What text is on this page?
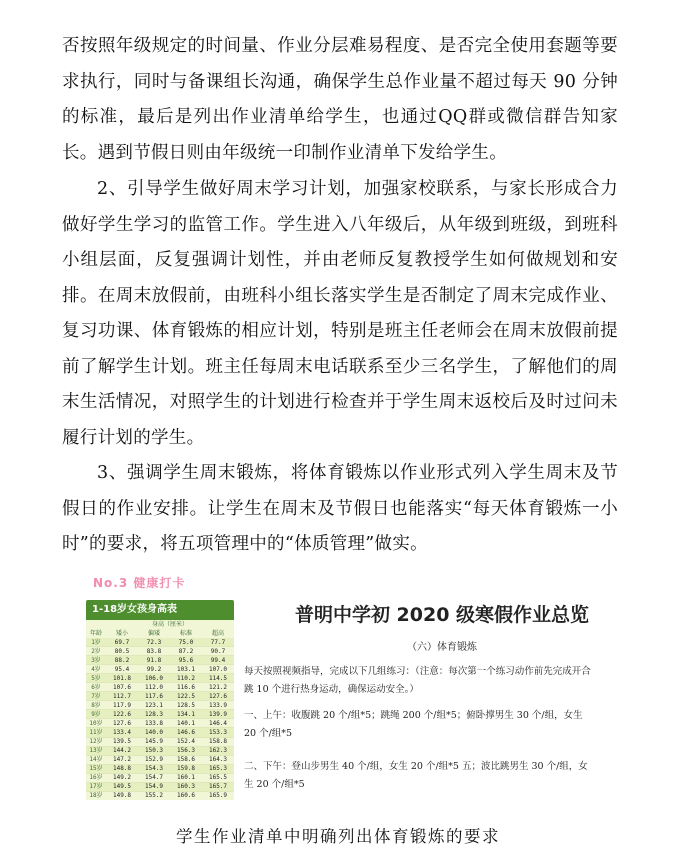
否按照年级规定的时间量、作业分层难易程度、是否完全使用套题等要求执行，同时与备课组长沟通，确保学生总作业量不超过每天 90 分钟的标准，最后是列出作业清单给学生，也通过QQ群或微信群告知家长。遇到节假日则由年级统一印制作业清单下发给学生。

2、引导学生做好周末学习计划，加强家校联系，与家长形成合力做好学生学习的监管工作。学生进入八年级后，从年级到班级，到班科小组层面，反复强调计划性，并由老师反复教授学生如何做规划和安排。在周末放假前，由班科小组长落实学生是否制定了周末完成作业、复习功课、体育锻炼的相应计划，特别是班主任老师会在周末放假前提前了解学生计划。班主任每周末电话联系至少三名学生，了解他们的周末生活情况，对照学生的计划进行检查并于学生周末返校后及时过问未履行计划的学生。

3、强调学生周末锻炼，将体育锻炼以作业形式列入学生周末及节假日的作业安排。让学生在周末及节假日也能落实“每天体育锻炼一小时”的要求，将五项管理中的“体质管理”做实。

No.3 健康打卡
1-18岁女孩身高表
身高（厘米）
年龄	矮小	偏矮	标准	超高
1岁	69.7	72.3	75.0	77.7
2岁	80.5	83.8	87.2	90.7
3岁	88.2	91.8	95.6	99.4
4岁	95.4	99.2	103.1	107.0
5岁	101.8	106.0	110.2	114.5
6岁	107.6	112.0	116.6	121.2
7岁	112.7	117.6	122.5	127.6
8岁	117.9	123.1	128.5	133.9
9岁	122.6	128.3	134.1	139.9
10岁	127.6	133.8	140.1	146.4
11岁	133.4	140.0	146.6	153.3
12岁	139.5	145.9	152.4	158.8
13岁	144.2	150.3	156.3	162.3
14岁	147.2	152.9	158.6	164.3
15岁	148.8	154.3	159.8	165.3
16岁	149.2	154.7	160.1	165.5
17岁	149.5	154.9	160.3	165.7
18岁	149.8	155.2	160.6	165.9
普明中学初 2020 级寒假作业总览
（六）体育锻炼

每天按照视频指导，完成以下几组练习：（注意：每次第一个练习动作前先完成开合跳 10 个进行热身运动，确保运动安全。）

一、上午：收腹跳 20 个/组*5；跳绳 200 个/组*5；俯卧撑男生 30 个/组，女生 20 个/组*5

二、下午：登山步男生 40 个/组，女生 20 个/组*5 五；波比跳男生 30 个/组，女生 20 个/组*5

学生作业清单中明确列出体育锻炼的要求
